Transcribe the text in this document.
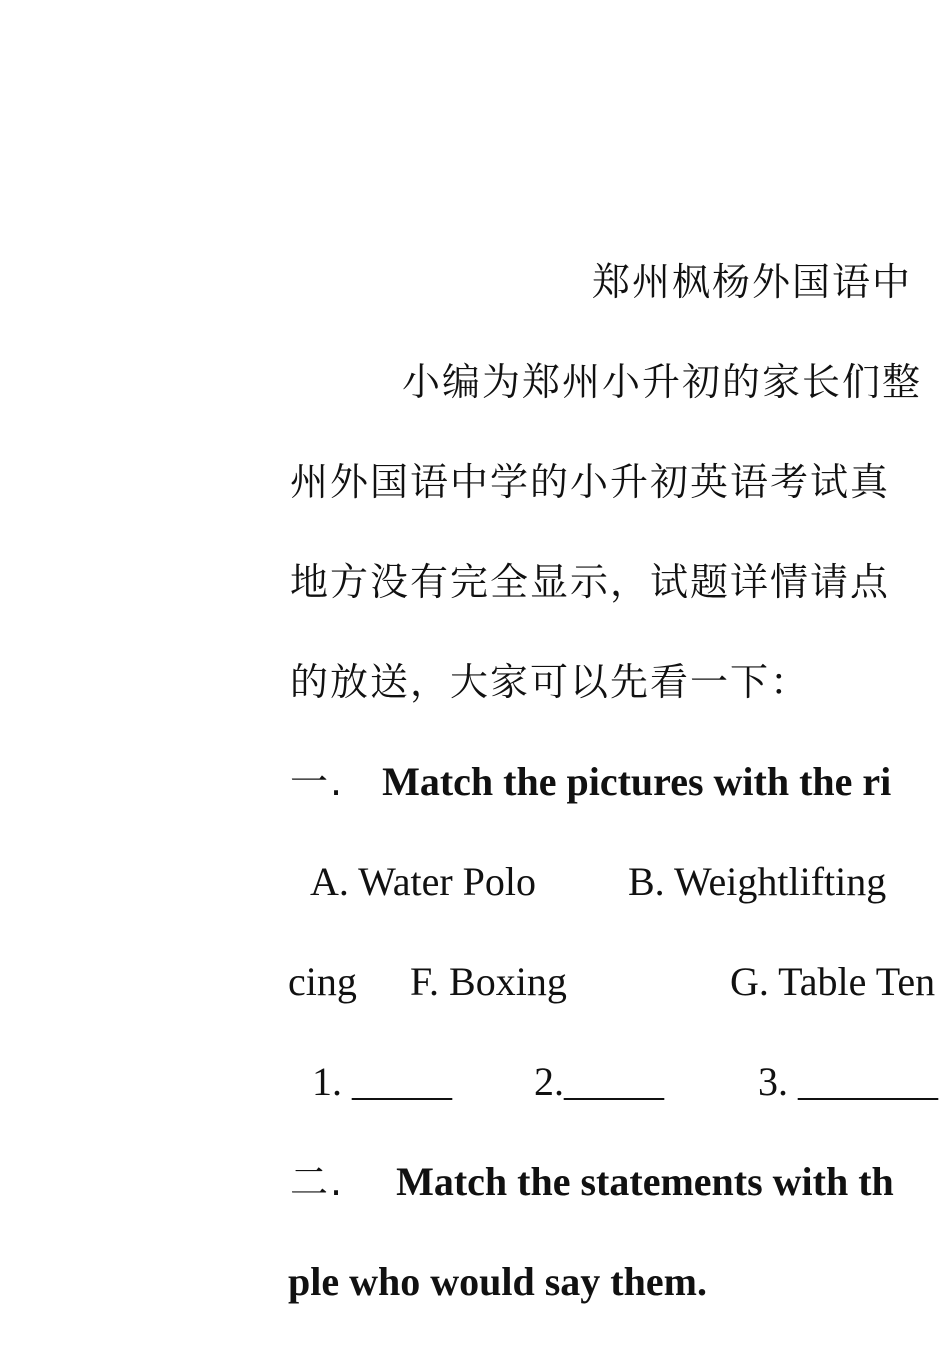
郑州枫杨外国语中
小编为郑州小升初的家长们整
州外国语中学的小升初英语考试真
地方没有完全显示，试题详情请点
的放送，大家可以先看一下：
一. Match the pictures with the ri
A. Water Polo B. Weightlifting
cing F. Boxing	G. Table Ten
1. _____ 2._____ 3. _______
二. Match the statements with th
ple who would say them.
